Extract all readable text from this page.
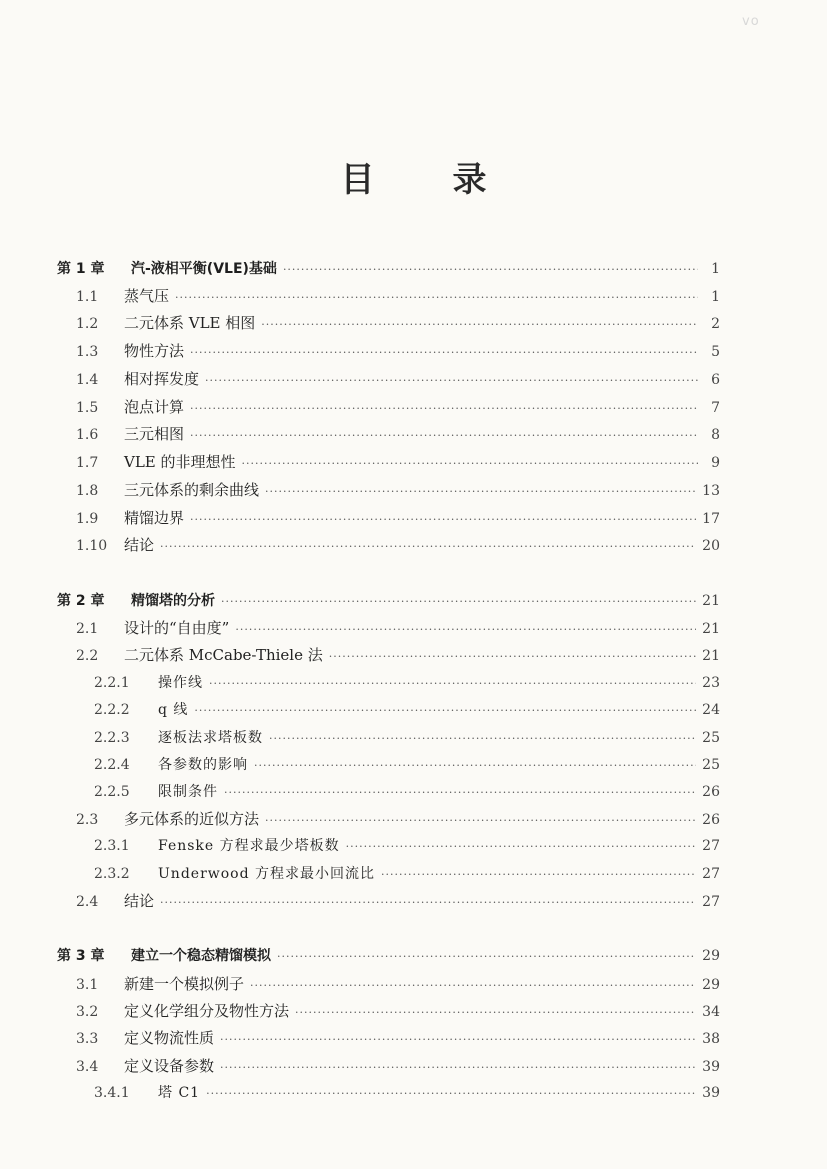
vo
目 录
第 1 章	汽-液相平衡(VLE)基础 ·····	1
1.1	蒸气压 ·····	1
1.2	二元体系 VLE 相图 ·····	2
1.3	物性方法 ·····	5
1.4	相对挥发度 ·····	6
1.5	泡点计算 ·····	7
1.6	三元相图 ·····	8
1.7	VLE 的非理想性 ·····	9
1.8	三元体系的剩余曲线 ·····	13
1.9	精馏边界 ·····	17
1.10	结论 ·····	20
第 2 章	精馏塔的分析 ·····	21
2.1	设计的“自由度” ·····	21
2.2	二元体系 McCabe-Thiele 法 ·····	21
2.2.1	操作线 ·····	23
2.2.2	q 线 ·····	24
2.2.3	逐板法求塔板数 ·····	25
2.2.4	各参数的影响 ·····	25
2.2.5	限制条件 ·····	26
2.3	多元体系的近似方法 ·····	26
2.3.1	Fenske 方程求最少塔板数 ·····	27
2.3.2	Underwood 方程求最小回流比 ·····	27
2.4	结论 ·····	27
第 3 章	建立一个稳态精馏模拟 ·····	29
3.1	新建一个模拟例子 ·····	29
3.2	定义化学组分及物性方法 ·····	34
3.3	定义物流性质 ·····	38
3.4	定义设备参数 ·····	39
3.4.1	塔 C1 ·····	39
